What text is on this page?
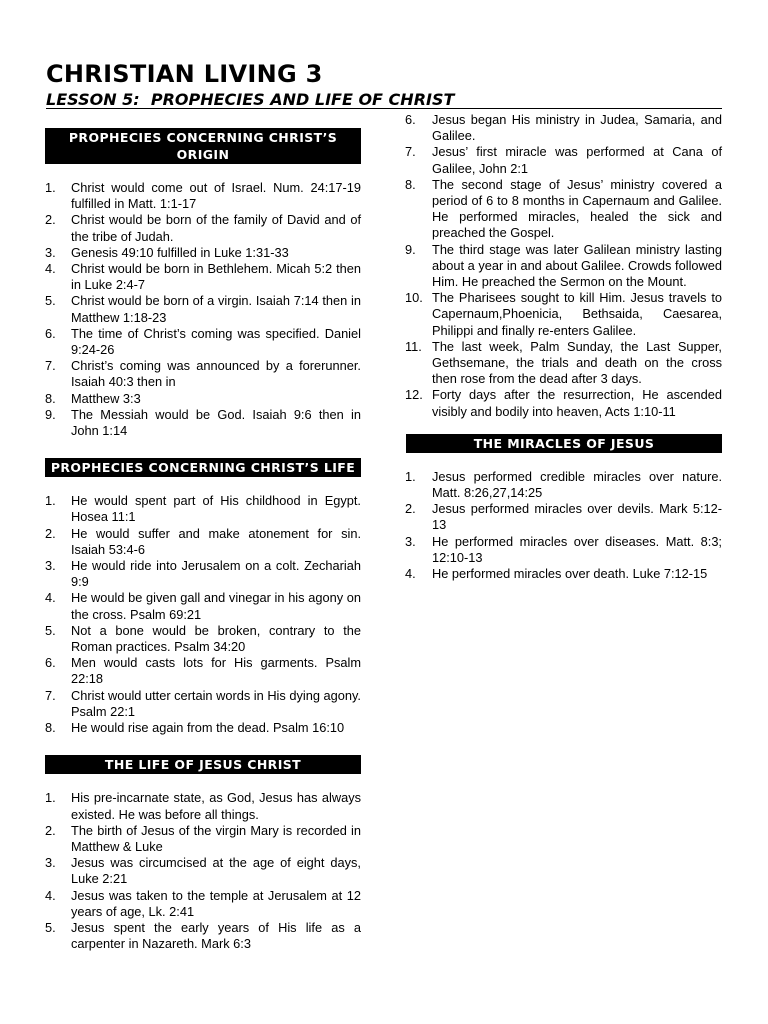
CHRISTIAN LIVING 3
LESSON 5:  PROPHECIES AND LIFE OF CHRIST
PROPHECIES CONCERNING CHRIST’S ORIGIN
1. Christ would come out of Israel. Num. 24:17-19 fulfilled in Matt. 1:1-17
2. Christ would be born of the family of David and of the tribe of Judah.
3. Genesis 49:10 fulfilled in Luke 1:31-33
4. Christ would be born in Bethlehem. Micah 5:2 then in Luke 2:4-7
5. Christ would be born of a virgin. Isaiah 7:14 then in Matthew 1:18-23
6. The time of Christ’s coming was specified. Daniel 9:24-26
7. Christ’s coming was announced by a forerunner. Isaiah 40:3 then in
8. Matthew 3:3
9. The Messiah would be God. Isaiah 9:6 then in John 1:14
PROPHECIES CONCERNING CHRIST’S LIFE
1. He would spent part of His childhood in Egypt. Hosea 11:1
2. He would suffer and make atonement for sin. Isaiah 53:4-6
3. He would ride into Jerusalem on a colt. Zechariah 9:9
4. He would be given gall and vinegar in his agony on the cross. Psalm 69:21
5. Not a bone would be broken, contrary to the Roman practices. Psalm 34:20
6. Men would casts lots for His garments. Psalm 22:18
7. Christ would utter certain words in His dying agony. Psalm 22:1
8. He would rise again from the dead. Psalm 16:10
THE LIFE OF JESUS CHRIST
1. His pre-incarnate state, as God, Jesus has always existed. He was before all things.
2. The birth of Jesus of the virgin Mary is recorded in Matthew & Luke
3. Jesus was circumcised at the age of eight days, Luke 2:21
4. Jesus was taken to the temple at Jerusalem at 12 years of age, Lk. 2:41
5. Jesus spent the early years of His life as a carpenter in Nazareth. Mark 6:3
6. Jesus began His ministry in Judea, Samaria, and Galilee.
7. Jesus’ first miracle was performed at Cana of Galilee, John 2:1
8. The second stage of Jesus’ ministry covered a period of 6 to 8 months in Capernaum and Galilee. He performed miracles, healed the sick and preached the Gospel.
9. The third stage was later Galilean ministry lasting about a year in and about Galilee. Crowds followed Him. He preached the Sermon on the Mount.
10. The Pharisees sought to kill Him. Jesus travels to Capernaum,Phoenicia, Bethsaida, Caesarea, Philippi and finally re-enters Galilee.
11. The last week, Palm Sunday, the Last Supper, Gethsemane, the trials and death on the cross then rose from the dead after 3 days.
12. Forty days after the resurrection, He ascended visibly and bodily into heaven, Acts 1:10-11
THE MIRACLES OF JESUS
1. Jesus performed credible miracles over nature. Matt. 8:26,27,14:25
2. Jesus performed miracles over devils. Mark 5:12-13
3. He performed miracles over diseases. Matt. 8:3; 12:10-13
4. He performed miracles over death. Luke 7:12-15
